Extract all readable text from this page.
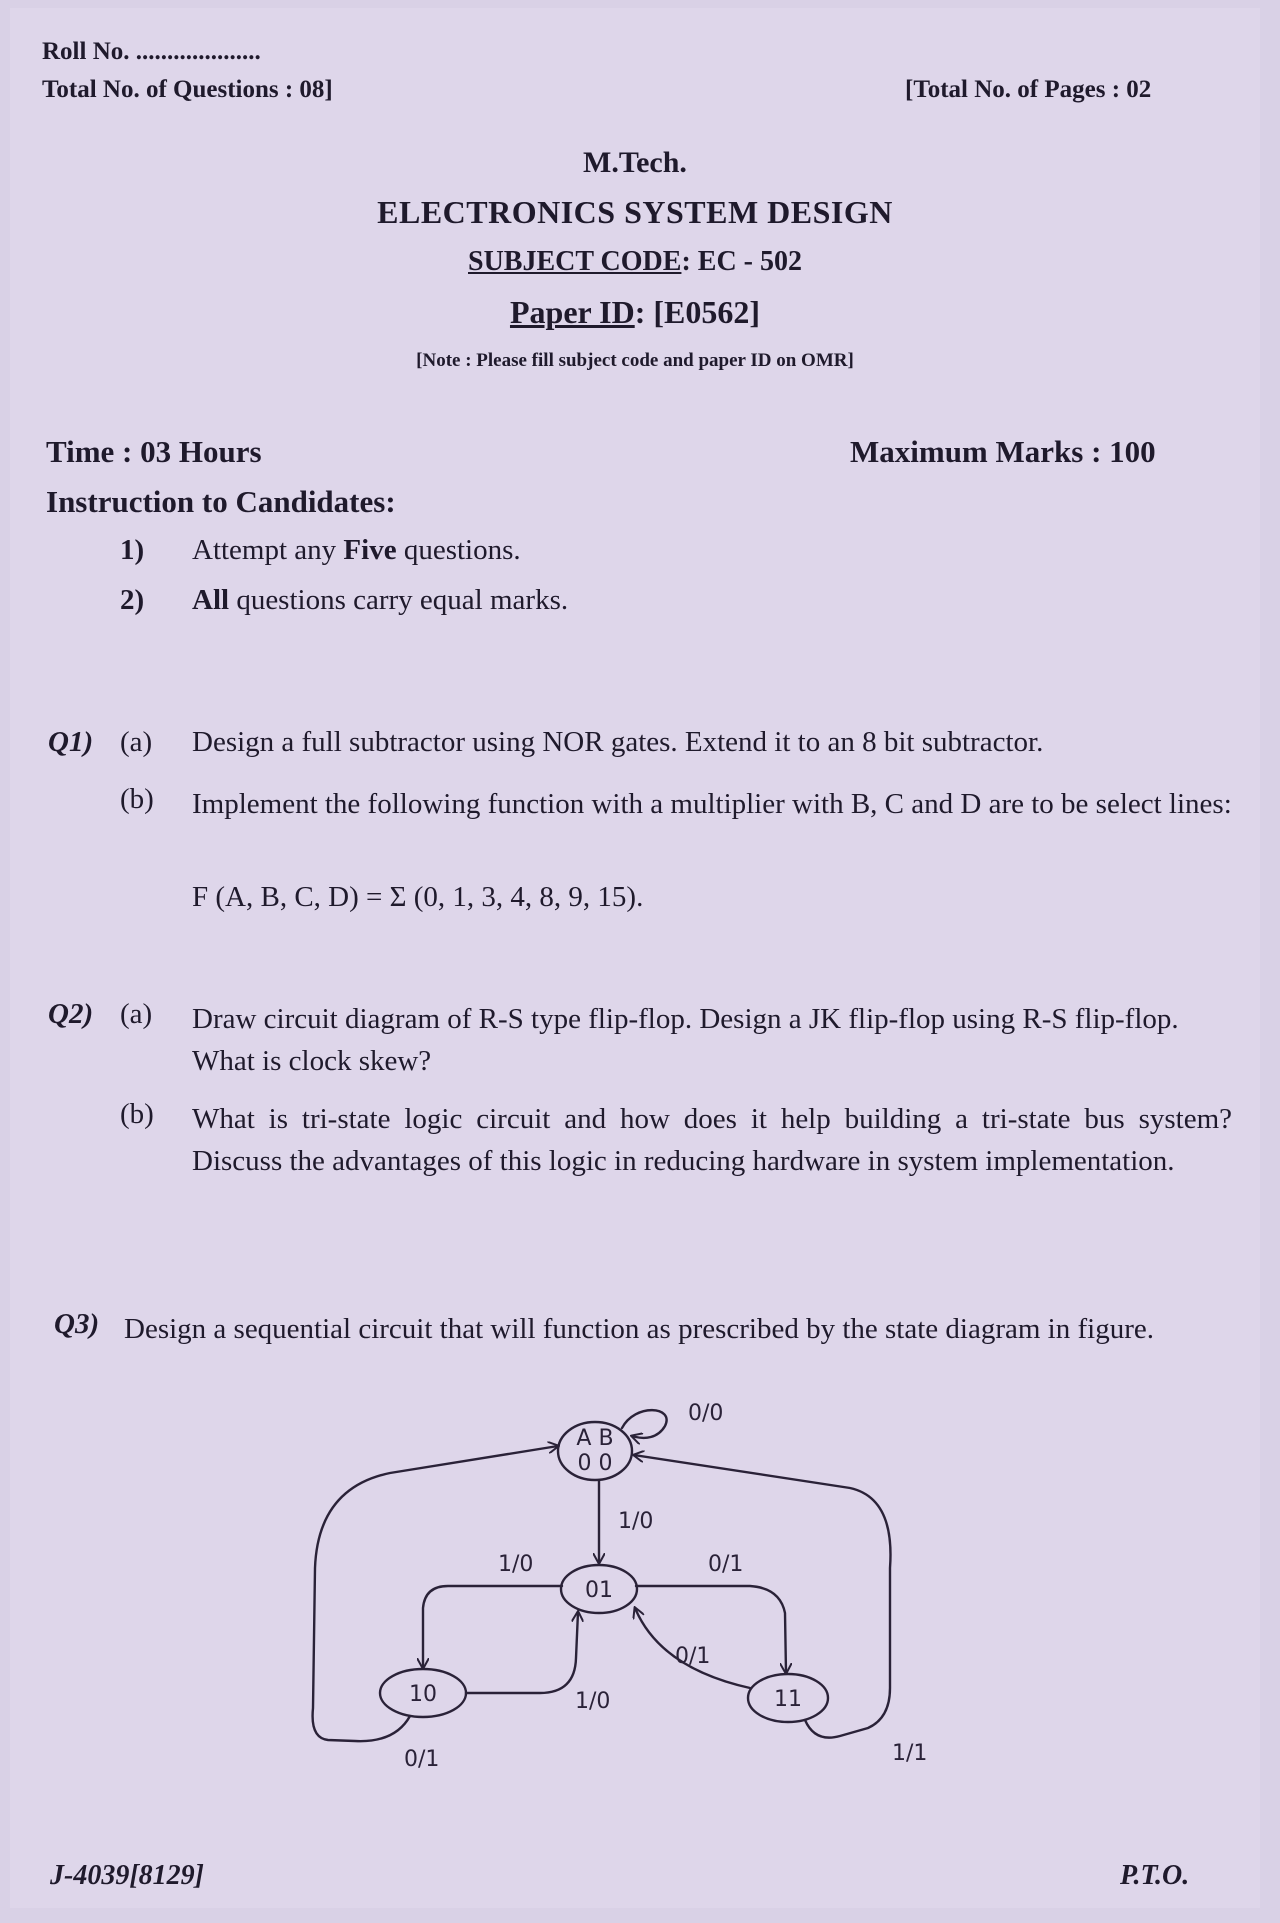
Roll No. ....................
Total No. of Questions : 08]	[Total No. of Pages : 02
M.Tech.
ELECTRONICS SYSTEM DESIGN
SUBJECT CODE: EC - 502
Paper ID: [E0562]
[Note : Please fill subject code and paper ID on OMR]
Time : 03 Hours	Maximum Marks : 100
Instruction to Candidates:
1) Attempt any Five questions.
2) All questions carry equal marks.
Q1) (a) Design a full subtractor using NOR gates. Extend it to an 8 bit subtractor.
(b) Implement the following function with a multiplier with B, C and D are to be select lines:
F (A, B, C, D) = Σ (0, 1, 3, 4, 8, 9, 15).
Q2) (a) Draw circuit diagram of R-S type flip-flop. Design a JK flip-flop using R-S flip-flop. What is clock skew?
(b) What is tri-state logic circuit and how does it help building a tri-state bus system? Discuss the advantages of this logic in reducing hardware in system implementation.
Q3) Design a sequential circuit that will function as prescribed by the state diagram in figure.
A B
0 0
01
10	11
0/0
1/0
1/0	0/1
1/0
0/1
0/1	1/1
J-4039[8129]	P.T.O.
